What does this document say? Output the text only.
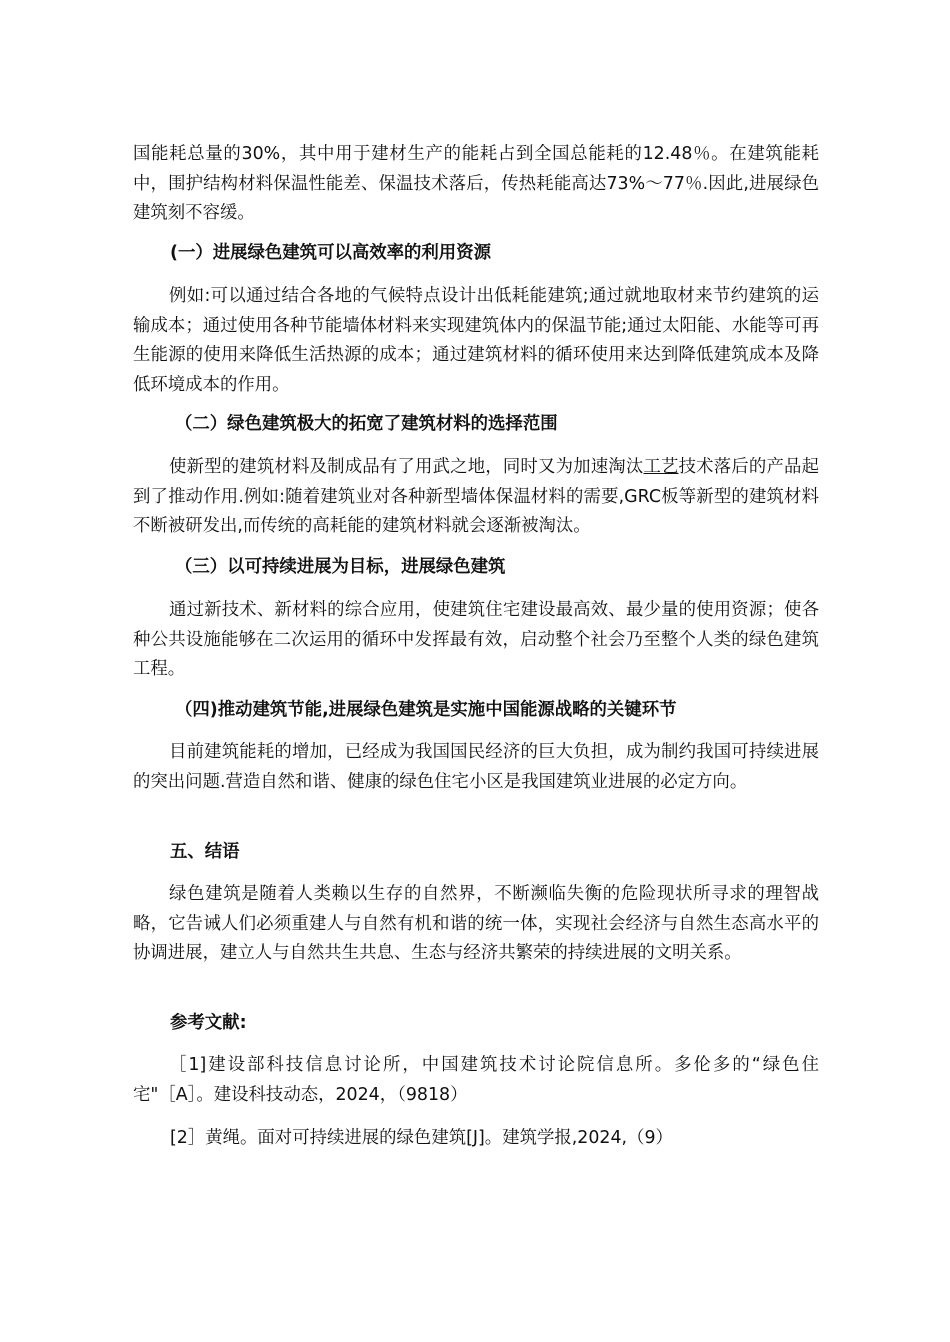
国能耗总量的30%，其中用于建材生产的能耗占到全国总能耗的12.48％。在建筑能耗中，围护结构材料保温性能差、保温技术落后，传热耗能高达73%～77％.因此,进展绿色建筑刻不容缓。

(一）进展绿色建筑可以高效率的利用资源

例如:可以通过结合各地的气候特点设计出低耗能建筑;通过就地取材来节约建筑的运输成本；通过使用各种节能墙体材料来实现建筑体内的保温节能;通过太阳能、水能等可再生能源的使用来降低生活热源的成本；通过建筑材料的循环使用来达到降低建筑成本及降低环境成本的作用。

（二）绿色建筑极大的拓宽了建筑材料的选择范围

使新型的建筑材料及制成品有了用武之地，同时又为加速淘汰工艺技术落后的产品起到了推动作用.例如:随着建筑业对各种新型墙体保温材料的需要,GRC板等新型的建筑材料不断被研发出,而传统的高耗能的建筑材料就会逐渐被淘汰。

（三）以可持续进展为目标，进展绿色建筑

通过新技术、新材料的综合应用，使建筑住宅建设最高效、最少量的使用资源；使各种公共设施能够在二次运用的循环中发挥最有效，启动整个社会乃至整个人类的绿色建筑工程。

（四)推动建筑节能,进展绿色建筑是实施中国能源战略的关键环节

目前建筑能耗的增加，已经成为我国国民经济的巨大负担，成为制约我国可持续进展的突出问题.营造自然和谐、健康的绿色住宅小区是我国建筑业进展的必定方向。

五、结语

绿色建筑是随着人类赖以生存的自然界，不断濒临失衡的危险现状所寻求的理智战略，它告诫人们必须重建人与自然有机和谐的统一体，实现社会经济与自然生态高水平的协调进展，建立人与自然共生共息、生态与经济共繁荣的持续进展的文明关系。

参考文献:

［1]建设部科技信息讨论所，中国建筑技术讨论院信息所。多伦多的“绿色住宅"［A］。建设科技动态，2024，（9818）

[2］黄绳。面对可持续进展的绿色建筑[J]。建筑学报,2024,（9）
